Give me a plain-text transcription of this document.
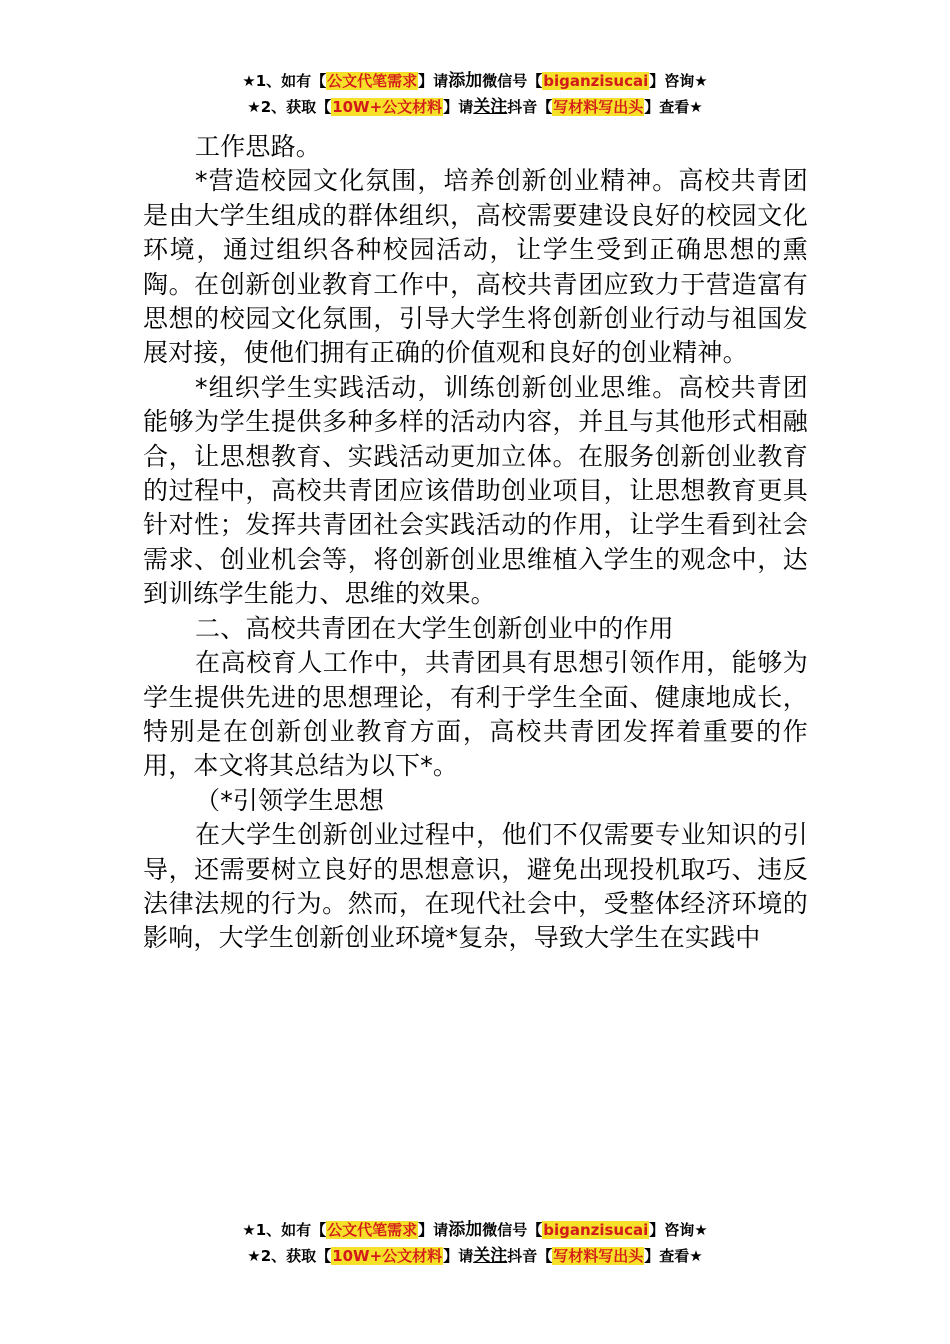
★1、如有【公文代笔需求】请添加微信号【biganzisucai】咨询★
★2、获取【10W+公文材料】请关注抖音【写材料写出头】查看★

工作思路。

*营造校园文化氛围，培养创新创业精神。高校共青团是由大学生组成的群体组织，高校需要建设良好的校园文化环境，通过组织各种校园活动，让学生受到正确思想的熏陶。在创新创业教育工作中，高校共青团应致力于营造富有思想的校园文化氛围，引导大学生将创新创业行动与祖国发展对接，使他们拥有正确的价值观和良好的创业精神。

*组织学生实践活动，训练创新创业思维。高校共青团能够为学生提供多种多样的活动内容，并且与其他形式相融合，让思想教育、实践活动更加立体。在服务创新创业教育的过程中，高校共青团应该借助创业项目，让思想教育更具针对性；发挥共青团社会实践活动的作用，让学生看到社会需求、创业机会等，将创新创业思维植入学生的观念中，达到训练学生能力、思维的效果。

二、高校共青团在大学生创新创业中的作用

在高校育人工作中，共青团具有思想引领作用，能够为学生提供先进的思想理论，有利于学生全面、健康地成长，特别是在创新创业教育方面，高校共青团发挥着重要的作用，本文将其总结为以下*。

（*引领学生思想

在大学生创新创业过程中，他们不仅需要专业知识的引导，还需要树立良好的思想意识，避免出现投机取巧、违反法律法规的行为。然而，在现代社会中，受整体经济环境的影响，大学生创新创业环境*复杂，导致大学生在实践中

★1、如有【公文代笔需求】请添加微信号【biganzisucai】咨询★
★2、获取【10W+公文材料】请关注抖音【写材料写出头】查看★
